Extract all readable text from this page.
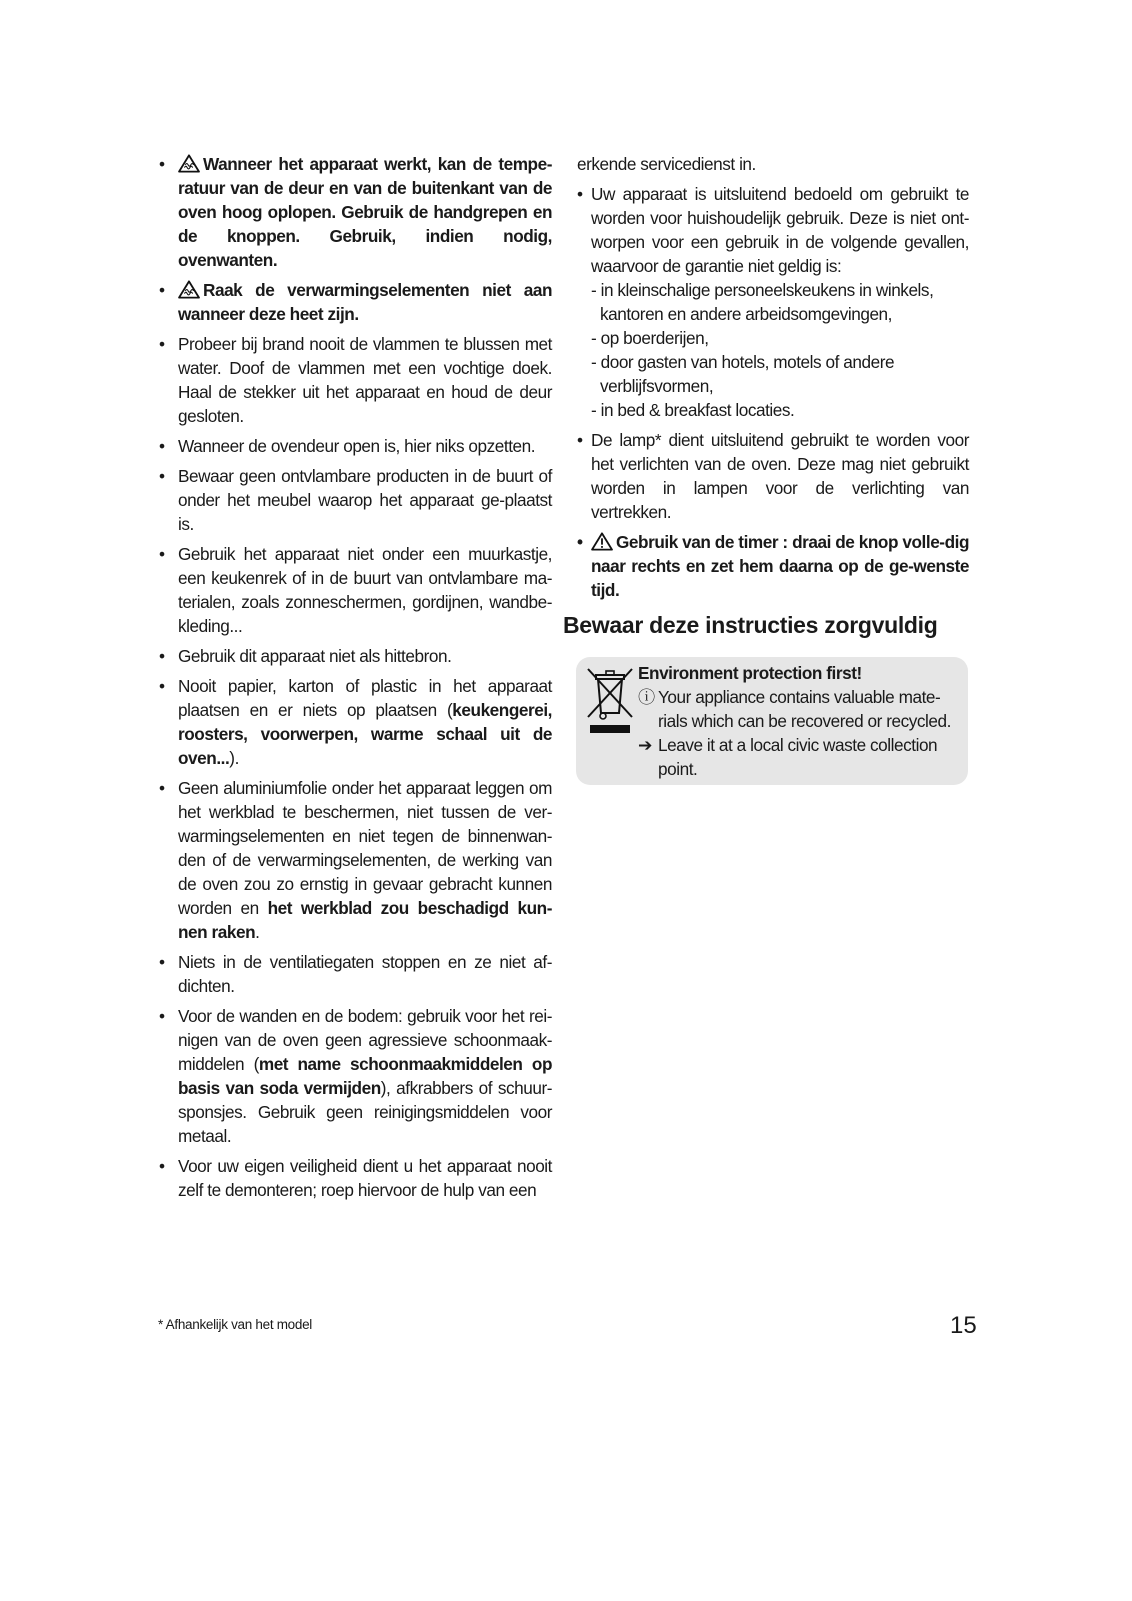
• Wanneer het apparaat werkt, kan de tempe-ratuur van de deur en van de buitenkant van de oven hoog oplopen. Gebruik de handgrepen en de knoppen. Gebruik, indien nodig, ovenwanten.
• Raak de verwarmingselementen niet aan wanneer deze heet zijn.
• Probeer bij brand nooit de vlammen te blussen met water. Doof de vlammen met een vochtige doek. Haal de stekker uit het apparaat en houd de deur gesloten.
• Wanneer de ovendeur open is, hier niks opzetten.
• Bewaar geen ontvlambare producten in de buurt of onder het meubel waarop het apparaat ge-plaatst is.
• Gebruik het apparaat niet onder een muurkastje, een keukenrek of in de buurt van ontvlambare ma-terialen, zoals zonneschermen, gordijnen, wandbe-kleding...
• Gebruik dit apparaat niet als hittebron.
• Nooit papier, karton of plastic in het apparaat plaatsen en er niets op plaatsen (keukengerei, roosters, voorwerpen, warme schaal uit de oven...).
• Geen aluminiumfolie onder het apparaat leggen om het werkblad te beschermen, niet tussen de ver-warmingselementen en niet tegen de binnenwan-den of de verwarmingselementen, de werking van de oven zou zo ernstig in gevaar gebracht kunnen worden en het werkblad zou beschadigd kun-nen raken.
• Niets in de ventilatiegaten stoppen en ze niet af-dichten.
• Voor de wanden en de bodem: gebruik voor het rei-nigen van de oven geen agressieve schoonmaak-middelen (met name schoonmaakmiddelen op basis van soda vermijden), afkrabbers of schuur-sponsjes. Gebruik geen reinigingsmiddelen voor metaal.
• Voor uw eigen veiligheid dient u het apparaat nooit zelf te demonteren; roep hiervoor de hulp van een
erkende servicedienst in.
• Uw apparaat is uitsluitend bedoeld om gebruikt te worden voor huishoudelijk gebruik. Deze is niet ont-worpen voor een gebruik in de volgende gevallen, waarvoor de garantie niet geldig is:
- in kleinschalige personeelskeukens in winkels, kantoren en andere arbeidsomgevingen,
- op boerderijen,
- door gasten van hotels, motels of andere verblijfsvormen,
- in bed & breakfast locaties.
• De lamp* dient uitsluitend gebruikt te worden voor het verlichten van de oven. Deze mag niet gebruikt worden in lampen voor de verlichting van vertrekken.
• Gebruik van de timer : draai de knop volle-dig naar rechts en zet hem daarna op de ge-wenste tijd.
Bewaar deze instructies zorgvuldig
Environment protection first!
ⓘ Your appliance contains valuable mate-rials which can be recovered or recycled.
➔ Leave it at a local civic waste collection point.
* Afhankelijk van het model	15
